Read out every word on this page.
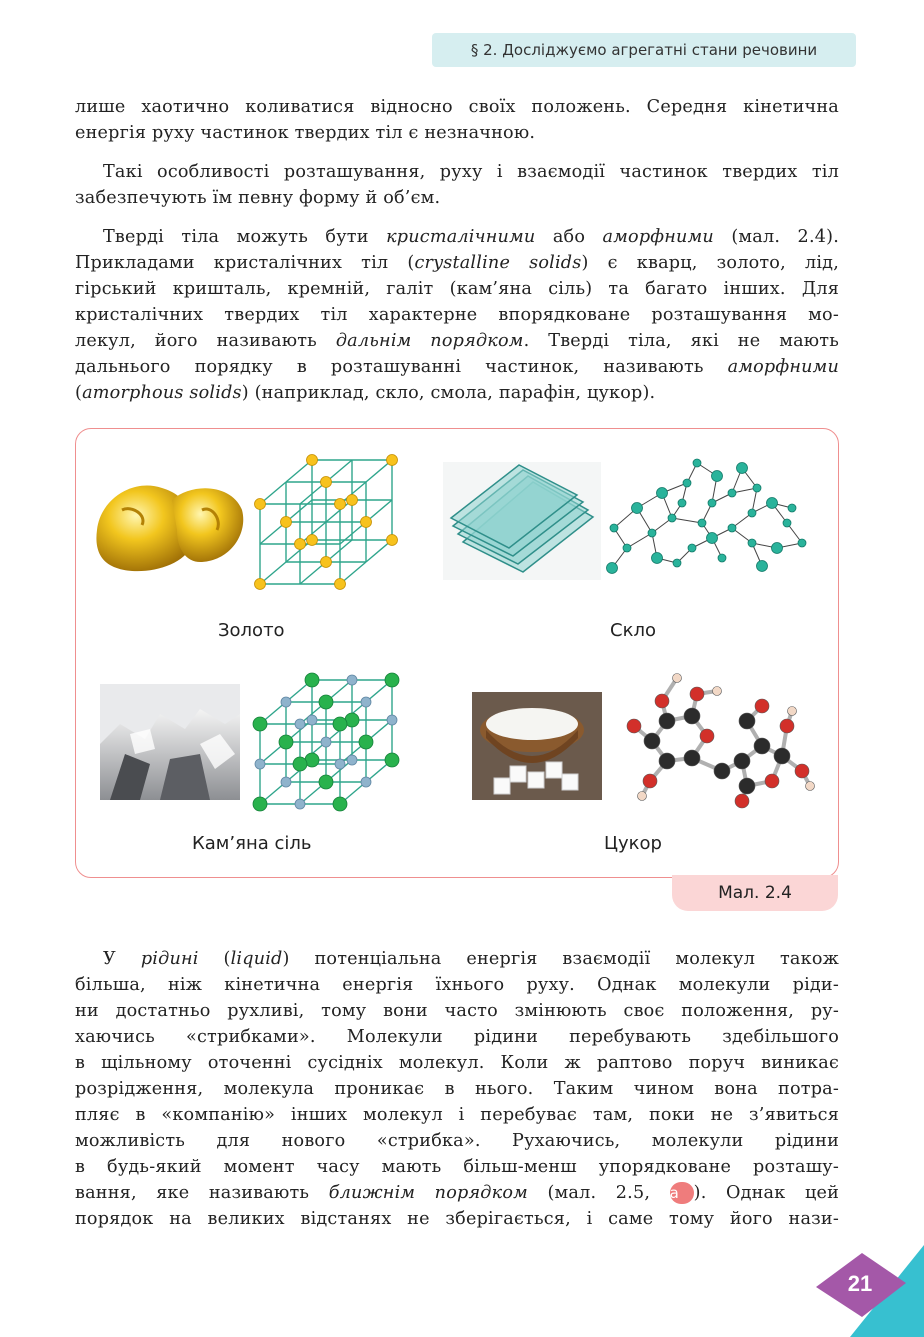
§ 2. Досліджуємо агрегатні стани речовини
лише хаотично коливатися відносно своїх положень. Середня кінетична
енергія руху частинок твердих тіл є незначною.
Такі особливості розташування, руху і взаємодії частинок твердих тіл
забезпечують їм певну форму й об’єм.
Тверді тіла можуть бути кристалічними або аморфними (мал. 2.4).
Прикладами кристалічних тіл (crystalline solids) є кварц, золото, лід,
гірський кришталь, кремній, галіт (кам’яна сіль) та багато інших. Для
кристалічних твердих тіл характерне впорядковане розташування мо-
лекул, його називають дальнім порядком. Тверді тіла, які не мають
дальнього порядку в розташуванні частинок, називають аморфними
(amorphous solids) (наприклад, скло, смола, парафін, цукор).
Золото	Скло
Кам’яна сіль	Цукор
Мал. 2.4
У рідині (liquid) потенціальна енергія взаємодії молекул також
більша, ніж кінетична енергія їхнього руху. Однак молекули ріди-
ни достатньо рухливі, тому вони часто змінюють своє положення, ру-
хаючись «стрибками». Молекули рідини перебувають здебільшого
в щільному оточенні сусідніх молекул. Коли ж раптово поруч виникає
розрідження, молекула проникає в нього. Таким чином вона потра-
пляє в «компанію» інших молекул і перебуває там, поки не з’явиться
можливість для нового «стрибка». Рухаючись, молекули рідини
в будь-який момент часу мають більш-менш упорядковане розташу-
вання, яке називають ближнім порядком (мал. 2.5, а ). Однак цей
порядок на великих відстанях не зберігається, і саме тому його нази-
21
